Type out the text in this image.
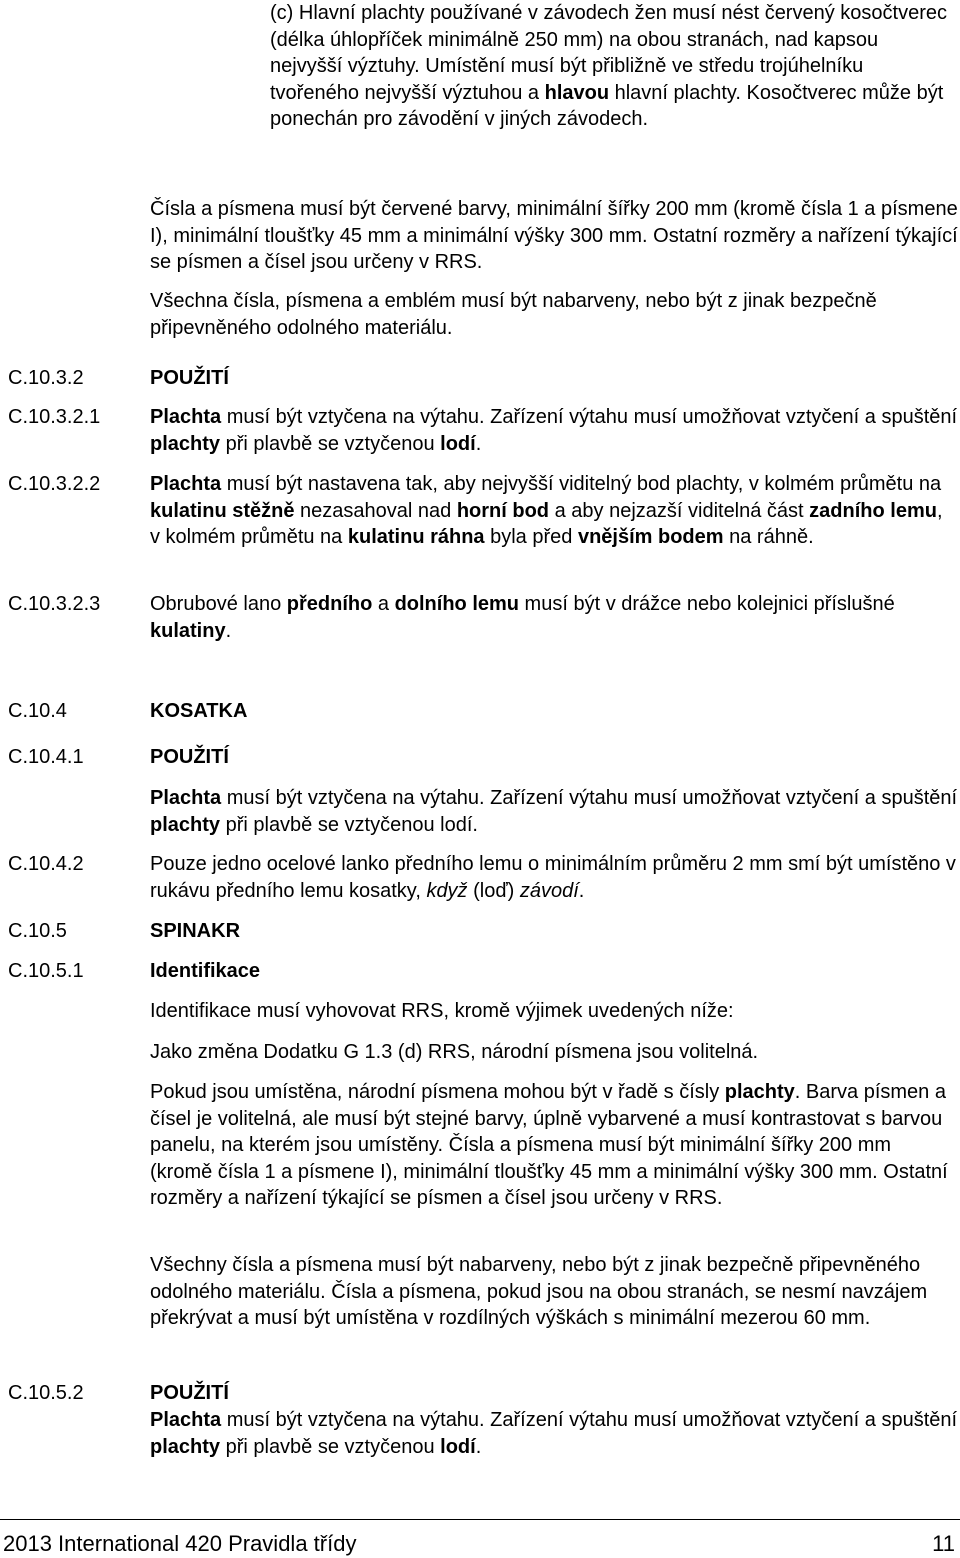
(c) Hlavní plachty používané v závodech žen musí nést červený kosočtverec (délka úhlopříček minimálně 250 mm) na obou stranách, nad kapsou nejvyšší výztuhy. Umístění musí být přibližně ve středu trojúhelníku tvořeného nejvyšší výztuhou a hlavou hlavní plachty. Kosočtverec může být ponechán pro závodění v jiných závodech.

Čísla a písmena musí být červené barvy, minimální šířky 200 mm (kromě čísla 1 a písmene I), minimální tloušťky 45 mm a minimální výšky 300 mm. Ostatní rozměry a nařízení týkající se písmen a čísel jsou určeny v RRS.

Všechna čísla, písmena a emblém musí být nabarveny, nebo být z jinak bezpečně připevněného odolného materiálu.

C.10.3.2	POUŽITÍ
C.10.3.2.1 Plachta musí být vztyčena na výtahu. Zařízení výtahu musí umožňovat vztyčení a spuštění plachty při plavbě se vztyčenou lodí.

C.10.3.2.2 Plachta musí být nastavena tak, aby nejvyšší viditelný bod plachty, v kolmém průmětu na kulatinu stěžně nezasahoval nad horní bod a aby nejzazší viditelná část zadního lemu, v kolmém průmětu na kulatinu ráhna byla před vnějším bodem na ráhně.

C.10.3.2.3 Obrubové lano předního a dolního lemu musí být v drážce nebo kolejnici příslušné kulatiny.

C.10.4	KOSATKA
C.10.4.1	POUŽITÍ

Plachta musí být vztyčena na výtahu. Zařízení výtahu musí umožňovat vztyčení a spuštění plachty při plavbě se vztyčenou lodí.

C.10.4.2	Pouze jedno ocelové lanko předního lemu o minimálním průměru 2 mm smí být umístěno v rukávu předního lemu kosatky, když (loď) závodí.

C.10.5	SPINAKR
C.10.5.1	Identifikace

Identifikace musí vyhovovat RRS, kromě výjimek uvedených níže:

Jako změna Dodatku G 1.3 (d) RRS, národní písmena jsou volitelná.

Pokud jsou umístěna, národní písmena mohou být v řadě s čísly plachty. Barva písmen a čísel je volitelná, ale musí být stejné barvy, úplně vybarvené a musí kontrastovat s barvou panelu, na kterém jsou umístěny. Čísla a písmena musí být minimální šířky 200 mm (kromě čísla 1 a písmene I), minimální tloušťky 45 mm a minimální výšky 300 mm. Ostatní rozměry a nařízení týkající se písmen a čísel jsou určeny v RRS.

Všechny čísla a písmena musí být nabarveny, nebo být z jinak bezpečně připevněného odolného materiálu. Čísla a písmena, pokud jsou na obou stranách, se nesmí navzájem překrývat a musí být umístěna v rozdílných výškách s minimální mezerou 60 mm.

C.10.5.2	POUŽITÍ

Plachta musí být vztyčena na výtahu. Zařízení výtahu musí umožňovat vztyčení a spuštění plachty při plavbě se vztyčenou lodí.

2013 International 420 Pravidla třídy	11
